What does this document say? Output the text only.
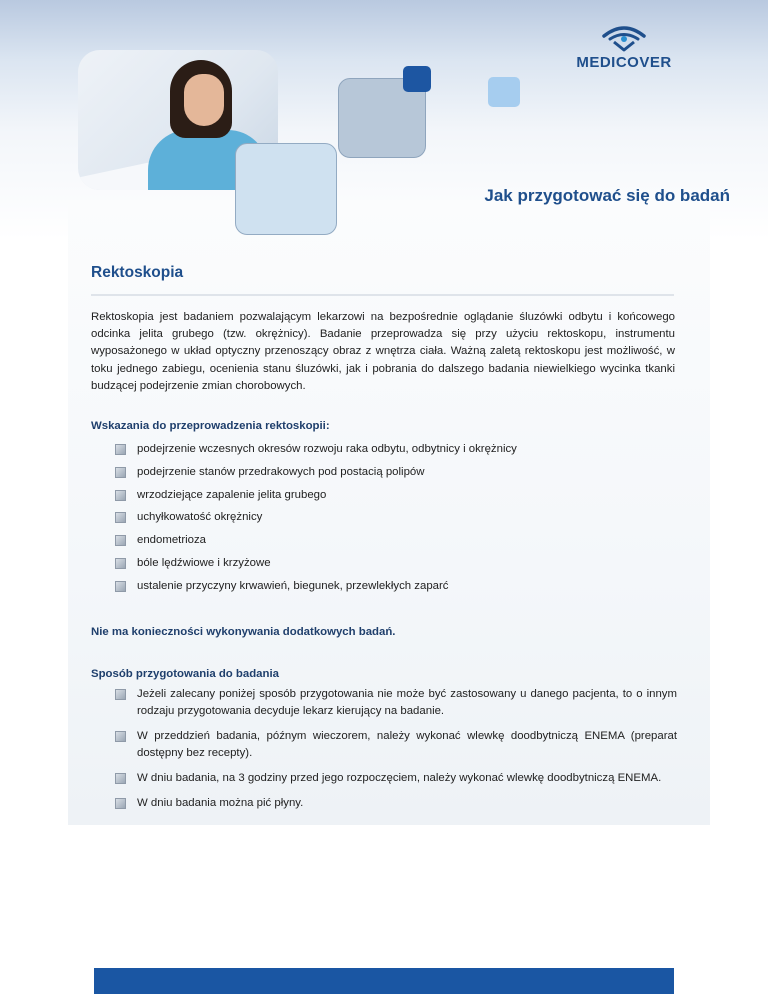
MEDICOVER
Jak przygotować się do badań
Rektoskopia
Rektoskopia jest badaniem pozwalającym lekarzowi na bezpośrednie oglądanie śluzówki odbytu i końcowego odcinka jelita grubego (tzw. okrężnicy). Badanie przeprowadza się przy użyciu rektoskopu, instrumentu wyposażonego w układ optyczny przenoszący obraz z wnętrza ciała. Ważną zaletą rektoskopu jest możliwość, w toku jednego zabiegu, ocenienia stanu śluzówki, jak i pobrania do dalszego badania niewielkiego wycinka tkanki budzącej podejrzenie zmian chorobowych.
Wskazania do przeprowadzenia rektoskopii:
podejrzenie wczesnych okresów rozwoju raka odbytu, odbytnicy i okrężnicy
podejrzenie stanów przedrakowych pod postacią polipów
wrzodziejące zapalenie jelita grubego
uchyłkowatość okrężnicy
endometrioza
bóle lędźwiowe i krzyżowe
ustalenie przyczyny krwawień, biegunek, przewlekłych zaparć
Nie ma konieczności wykonywania dodatkowych badań.
Sposób przygotowania do badania
Jeżeli zalecany poniżej sposób przygotowania nie może być zastosowany u danego pacjenta, to o innym rodzaju przygotowania decyduje lekarz kierujący na badanie.
W przeddzień badania, późnym wieczorem, należy wykonać wlewkę doodbytniczą ENEMA (preparat dostępny bez recepty).
W dniu badania, na 3 godziny przed jego rozpoczęciem, należy wykonać wlewkę doodbytniczą ENEMA.
W dniu badania można pić płyny.
